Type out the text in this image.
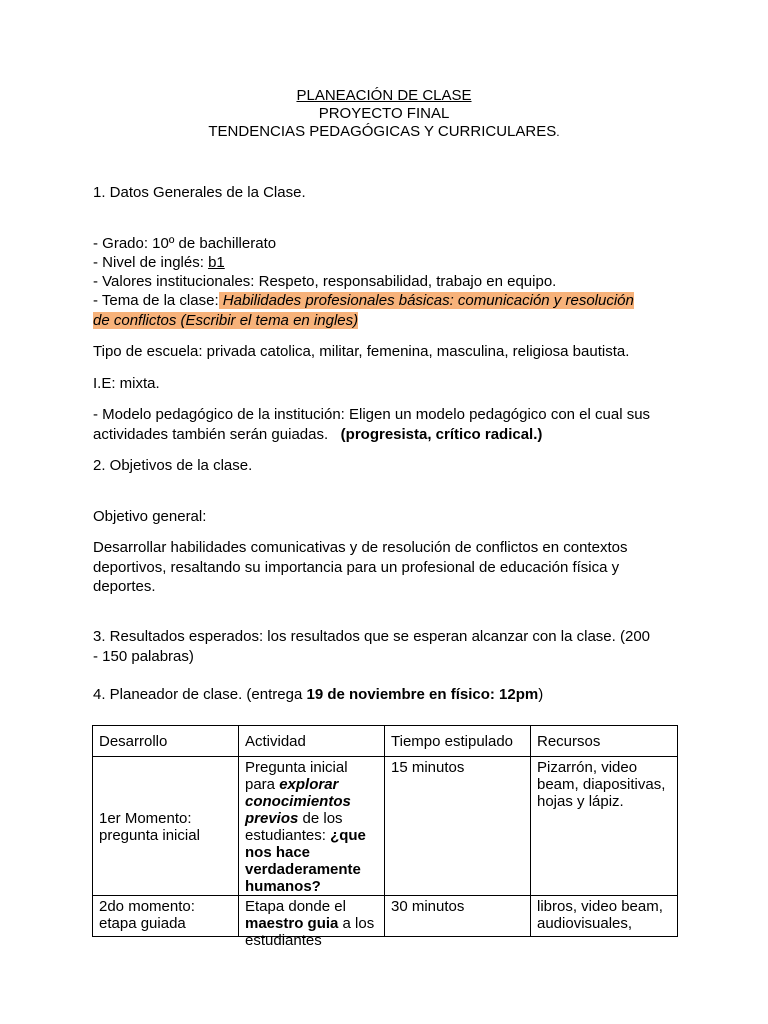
PLANEACIÓN DE CLASE
PROYECTO FINAL
TENDENCIAS PEDAGÓGICAS Y CURRICULARES.
1. Datos Generales de la Clase.
- Grado: 10º de bachillerato
- Nivel de inglés: b1
- Valores institucionales: Respeto, responsabilidad, trabajo en equipo.
- Tema de la clase: Habilidades profesionales básicas: comunicación y resolución
de conflictos (Escribir el tema en ingles)
Tipo de escuela: privada catolica, militar, femenina, masculina, religiosa bautista.
I.E: mixta.
- Modelo pedagógico de la institución: Eligen un modelo pedagógico con el cual sus
actividades también serán guiadas.   (progresista, crítico radical.)
2. Objetivos de la clase.
Objetivo general:
Desarrollar habilidades comunicativas y de resolución de conflictos en contextos
deportivos, resaltando su importancia para un profesional de educación física y
deportes.
3. Resultados esperados: los resultados que se esperan alcanzar con la clase. (200
- 150 palabras)
4. Planeador de clase. (entrega 19 de noviembre en físico: 12pm)
Desarrollo	Actividad	Tiempo estipulado	Recursos
1er Momento:
pregunta inicial	Pregunta inicial para explorar conocimientos previos de los estudiantes: ¿que nos hace verdaderamente humanos?	15 minutos	Pizarrón, video beam, diapositivas, hojas y lápiz.

2do momento: etapa guiada	Etapa donde el maestro guia a los estudiantes	30 minutos	libros, video beam, audiovisuales,
